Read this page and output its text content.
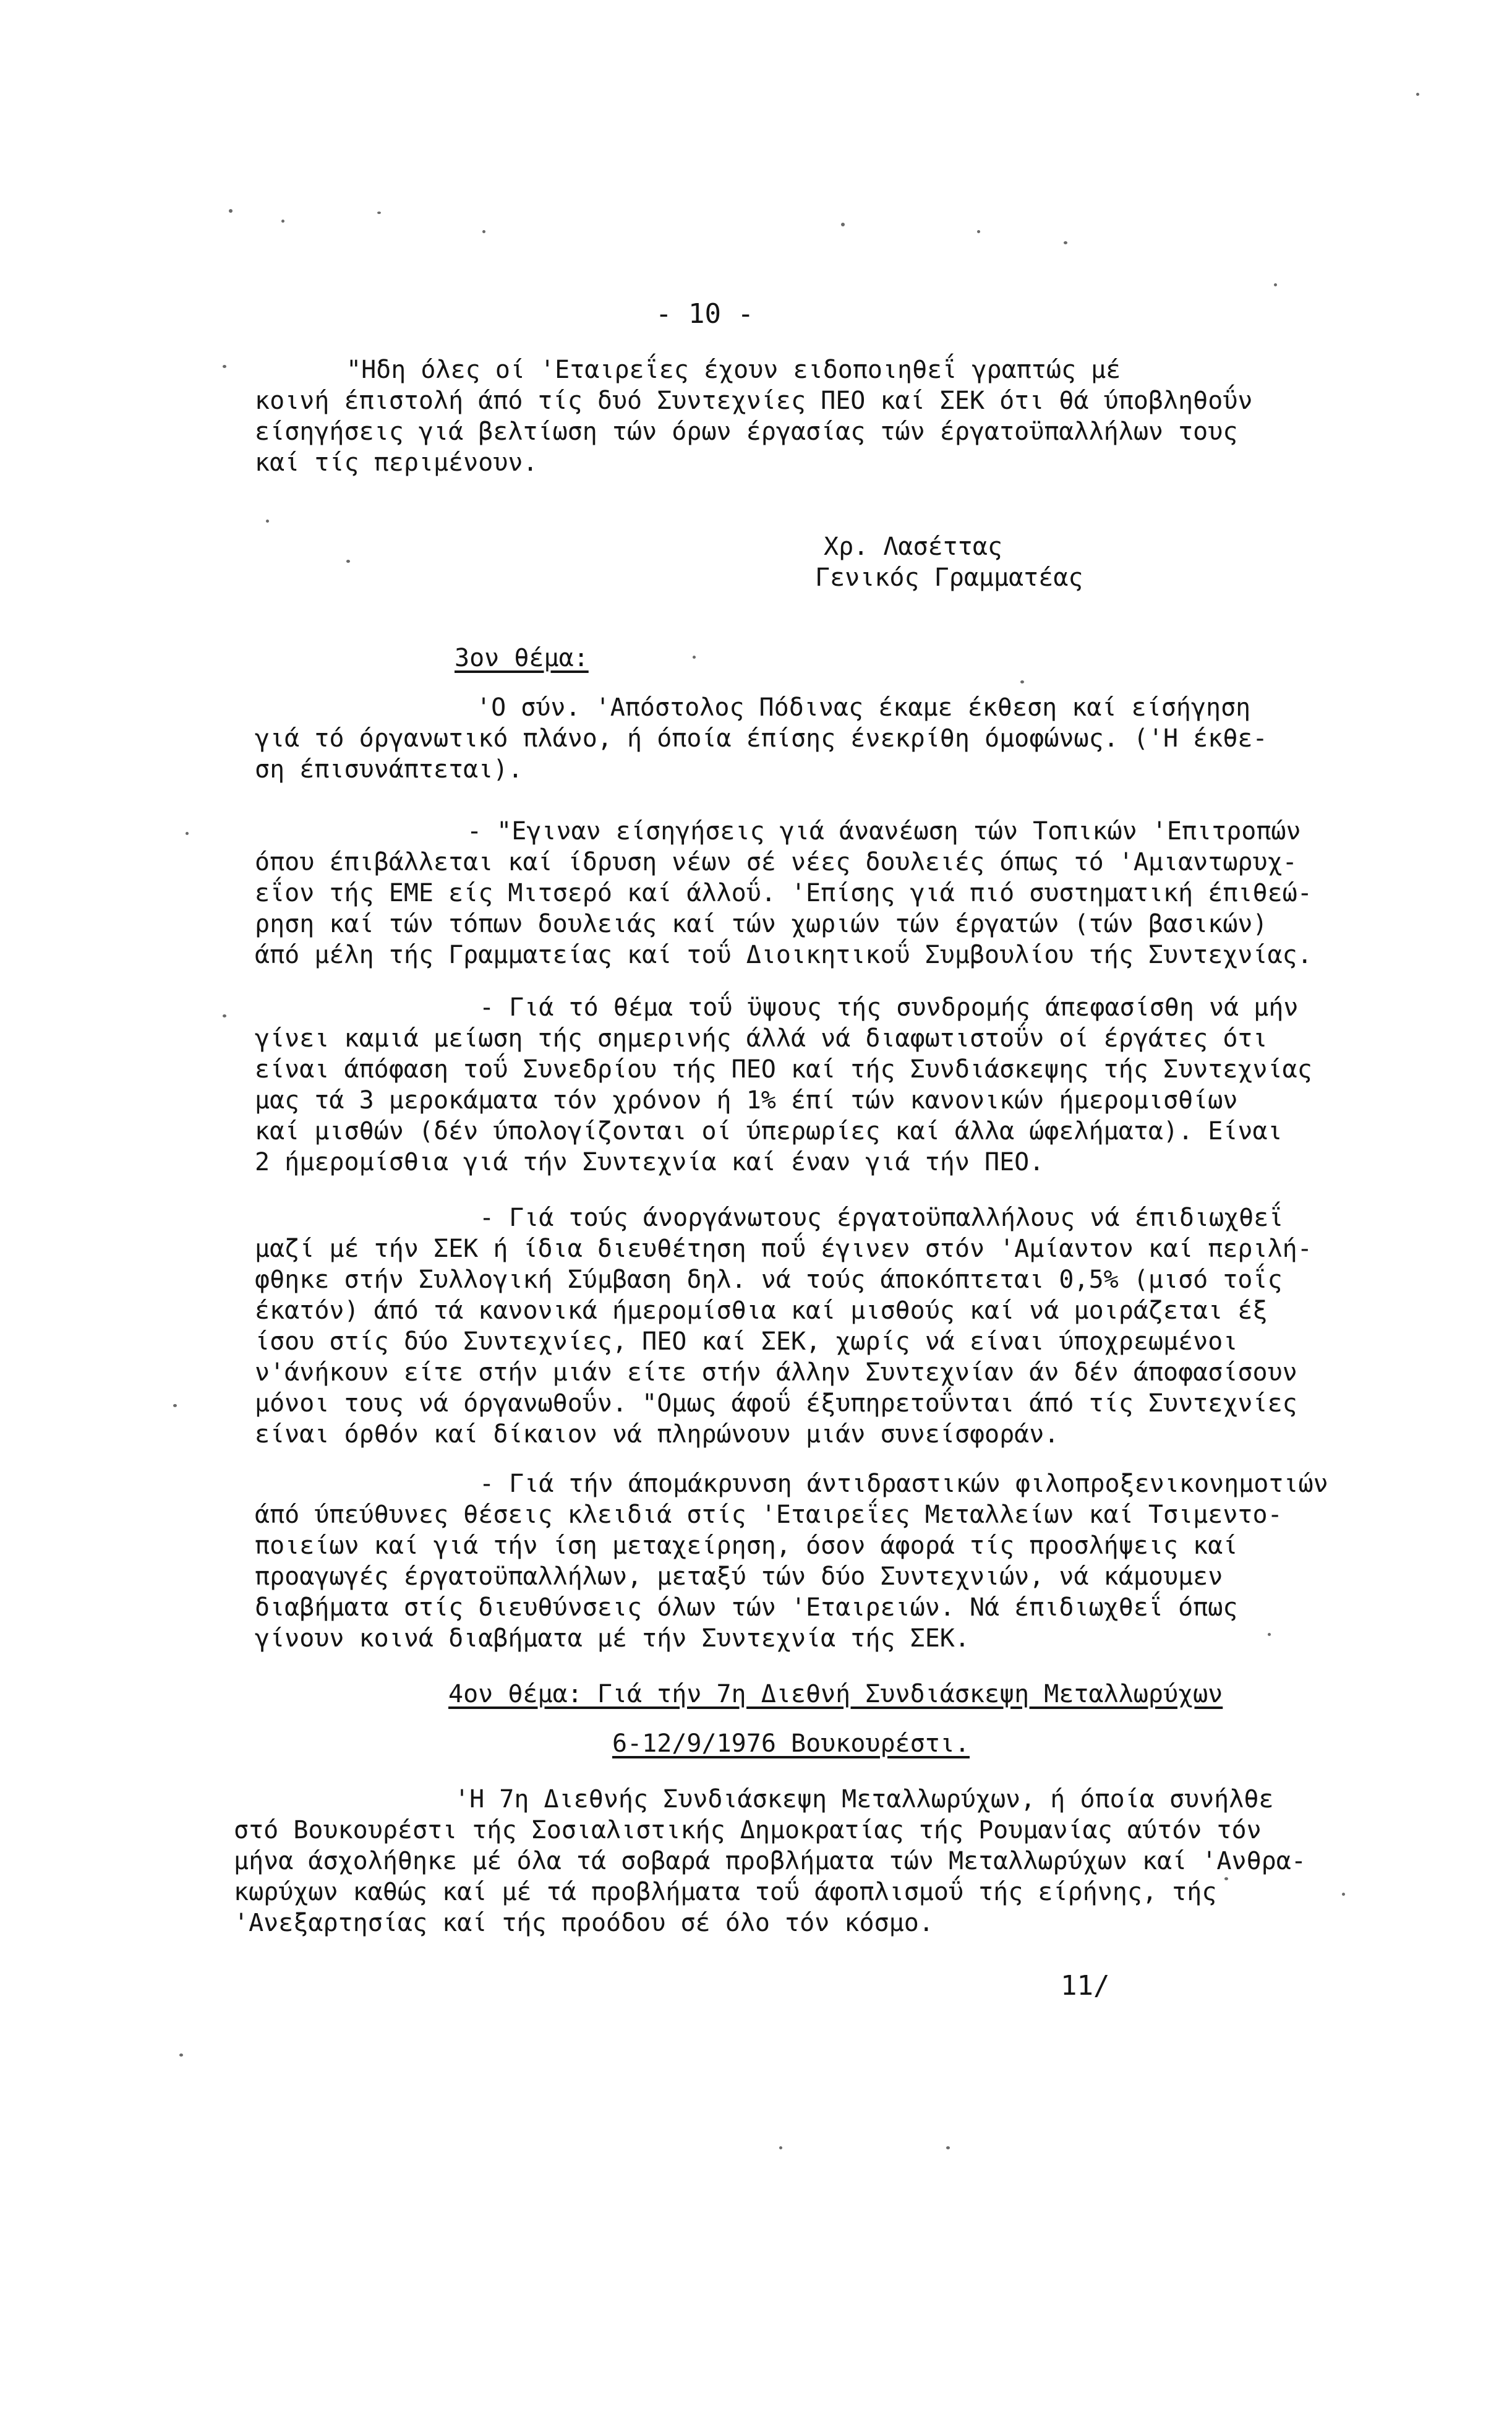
- 10 -
"Ηδη όλες οί 'Εταιρεΐες έχουν ειδοποιηθεΐ γραπτώς μέ
κοινή έπιστολή άπό τίς δυό Συντεχνίες ΠΕΟ καί ΣΕΚ ότι θά ύποβληθοΰν
είσηγήσεις γιά βελτίωση τών όρων έργασίας τών έργατοϋπαλλήλων τους
καί τίς περιμένουν.
Χρ. Λασέττας
Γενικός Γραμματέας
3ον θέμα:
'Ο σύν. 'Απόστολος Πόδινας έκαμε έκθεση καί είσήγηση
γιά τό όργανωτικό πλάνο, ή όποία έπίσης ένεκρίθη όμοφώνως. ('Η έκθε-
ση έπισυνάπτεται).
- "Εγιναν είσηγήσεις γιά άνανέωση τών Τοπικών 'Επιτροπών
όπου έπιβάλλεται καί ίδρυση νέων σέ νέες δουλειές όπως τό 'Αμιαντωρυχ-
εΐον τής ΕΜΕ είς Μιτσερό καί άλλοΰ. 'Επίσης γιά πιό συστηματική έπιθεώ-
ρηση καί τών τόπων δουλειάς καί τών χωριών τών έργατών (τών βασικών)
άπό μέλη τής Γραμματείας καί τοΰ Διοικητικοΰ Συμβουλίου τής Συντεχνίας.
- Γιά τό θέμα τοΰ ϋψους τής συνδρομής άπεφασίσθη νά μήν
γίνει καμιά μείωση τής σημερινής άλλά νά διαφωτιστοΰν οί έργάτες ότι
είναι άπόφαση τοΰ Συνεδρίου τής ΠΕΟ καί τής Συνδιάσκεψης τής Συντεχνίας
μας τά 3 μεροκάματα τόν χρόνον ή 1% έπί τών κανονικών ήμερομισθίων
καί μισθών (δέν ύπολογίζονται οί ύπερωρίες καί άλλα ώφελήματα). Είναι
2 ήμερομίσθια γιά τήν Συντεχνία καί έναν γιά τήν ΠΕΟ.
- Γιά τούς άνοργάνωτους έργατοϋπαλλήλους νά έπιδιωχθεΐ
μαζί μέ τήν ΣΕΚ ή ίδια διευθέτηση ποΰ έγινεν στόν 'Αμίαντον καί περιλή-
φθηκε στήν Συλλογική Σύμβαση δηλ. νά τούς άποκόπτεται 0,5% (μισό τοΐς
έκατόν) άπό τά κανονικά ήμερομίσθια καί μισθούς καί νά μοιράζεται έξ
ίσου στίς δύο Συντεχνίες, ΠΕΟ καί ΣΕΚ, χωρίς νά είναι ύποχρεωμένοι
ν'άνήκουν είτε στήν μιάν είτε στήν άλλην Συντεχνίαν άν δέν άποφασίσουν
μόνοι τους νά όργανωθοΰν. "Ομως άφοΰ έξυπηρετοΰνται άπό τίς Συντεχνίες
είναι όρθόν καί δίκαιον νά πληρώνουν μιάν συνείσφοράν.
- Γιά τήν άπομάκρυνση άντιδραστικών φιλοπροξενικονημοτιών
άπό ύπεύθυνες θέσεις κλειδιά στίς 'Εταιρεΐες Μεταλλείων καί Τσιμεντο-
ποιείων καί γιά τήν ίση μεταχείρηση, όσον άφορά τίς προσλήψεις καί
προαγωγές έργατοϋπαλλήλων, μεταξύ τών δύο Συντεχνιών, νά κάμουμεν
διαβήματα στίς διευθύνσεις όλων τών 'Εταιρειών. Νά έπιδιωχθεΐ όπως
γίνουν κοινά διαβήματα μέ τήν Συντεχνία τής ΣΕΚ.
4ον θέμα: Γιά τήν 7η Διεθνή Συνδιάσκεψη Μεταλλωρύχων
6-12/9/1976 Βουκουρέστι.
'Η 7η Διεθνής Συνδιάσκεψη Μεταλλωρύχων, ή όποία συνήλθε
στό Βουκουρέστι τής Σοσιαλιστικής Δημοκρατίας τής Ρουμανίας αύτόν τόν
μήνα άσχολήθηκε μέ όλα τά σοβαρά προβλήματα τών Μεταλλωρύχων καί 'Ανθρα-
κωρύχων καθώς καί μέ τά προβλήματα τοΰ άφοπλισμοΰ τής είρήνης, τής
'Ανεξαρτησίας καί τής προόδου σέ όλο τόν κόσμο.
11/
